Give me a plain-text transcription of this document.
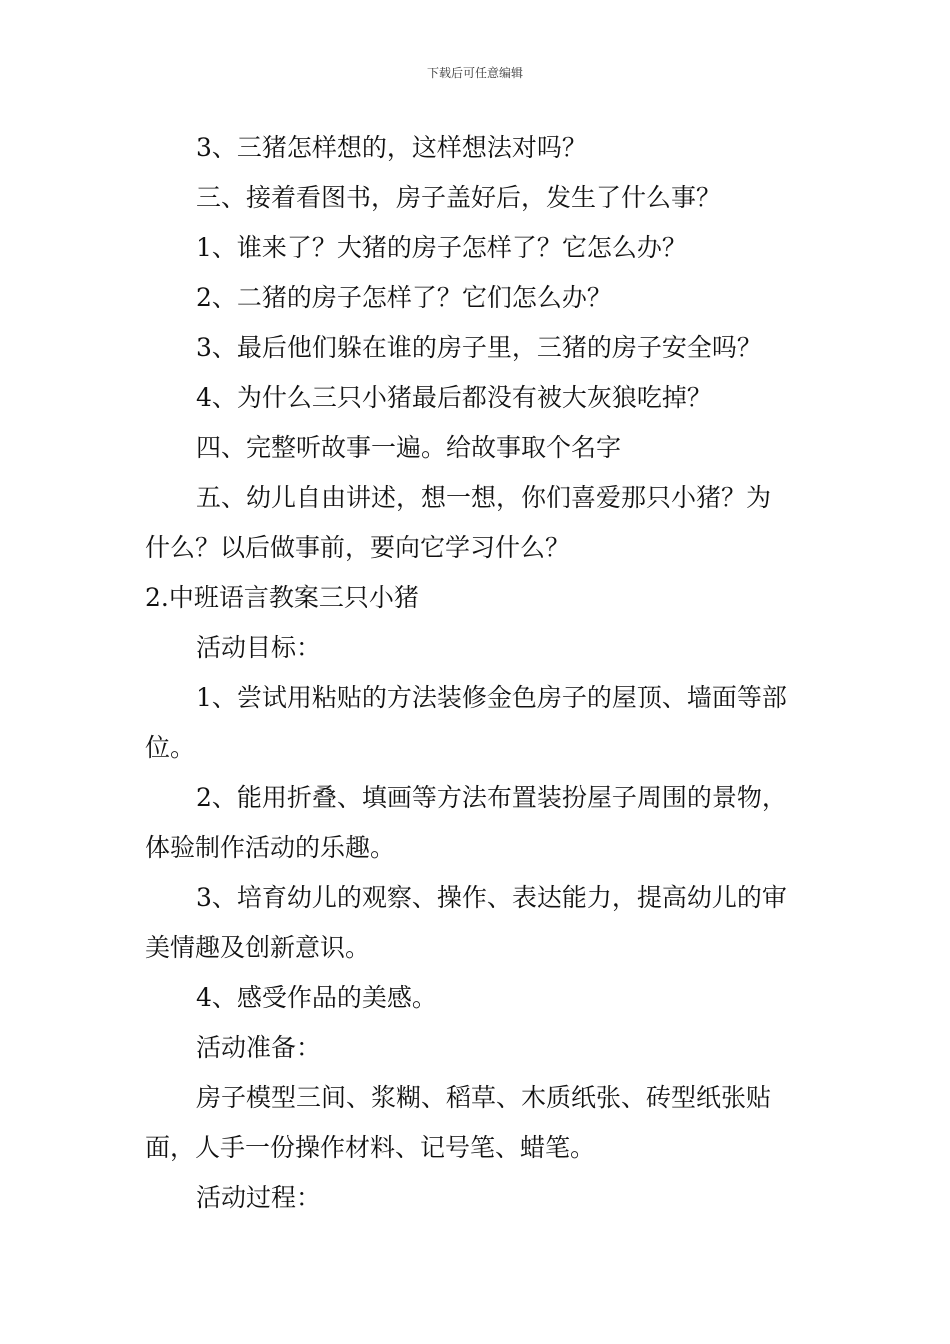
下载后可任意编辑
3、三猪怎样想的，这样想法对吗？
三、接着看图书，房子盖好后，发生了什么事？
1、谁来了？大猪的房子怎样了？它怎么办？
2、二猪的房子怎样了？它们怎么办？
3、最后他们躲在谁的房子里，三猪的房子安全吗？
4、为什么三只小猪最后都没有被大灰狼吃掉？
四、完整听故事一遍。给故事取个名字
五、幼儿自由讲述，想一想，你们喜爱那只小猪？为
什么？以后做事前，要向它学习什么？
2.中班语言教案三只小猪
活动目标：
1、尝试用粘贴的方法装修金色房子的屋顶、墙面等部
位。
2、能用折叠、填画等方法布置装扮屋子周围的景物，
体验制作活动的乐趣。
3、培育幼儿的观察、操作、表达能力，提高幼儿的审
美情趣及创新意识。
4、感受作品的美感。
活动准备：
房子模型三间、浆糊、稻草、木质纸张、砖型纸张贴
面，人手一份操作材料、记号笔、蜡笔。
活动过程：
